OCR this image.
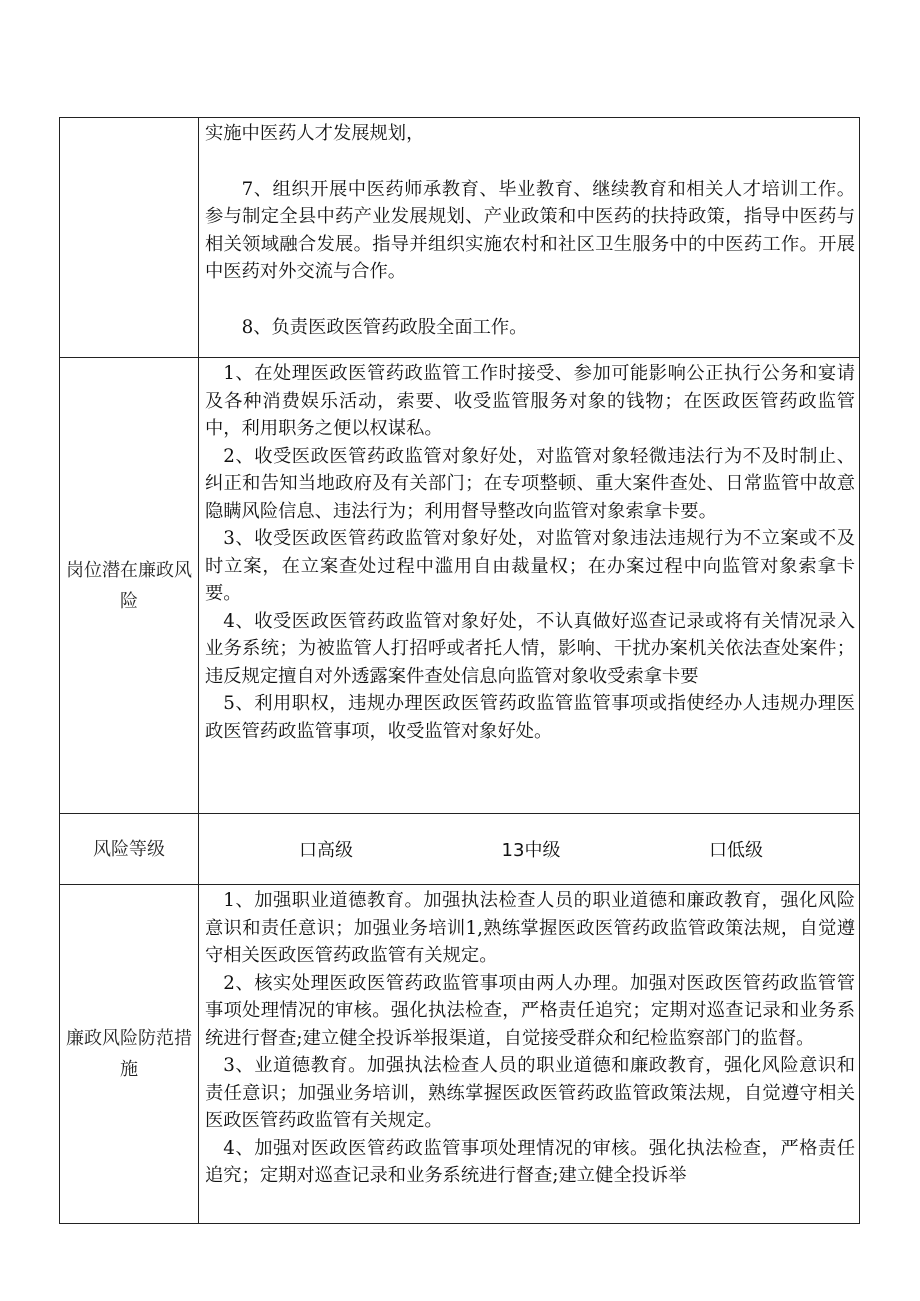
	实施中医药人才发展规划，

7、组织开展中医药师承教育、毕业教育、继续教育和相关人才培训工作。参与制定全县中药产业发展规划、产业政策和中医药的扶持政策，指导中医药与相关领域融合发展。指导并组织实施农村和社区卫生服务中的中医药工作。开展中医药对外交流与合作。

8、负责医政医管药政股全面工作。

岗位潜在廉政风险	1、在处理医政医管药政监管工作时接受、参加可能影响公正执行公务和宴请及各种消费娱乐活动，索要、收受监管服务对象的钱物；在医政医管药政监管中，利用职务之便以权谋私。

2、收受医政医管药政监管对象好处，对监管对象轻微违法行为不及时制止、纠正和告知当地政府及有关部门；在专项整顿、重大案件查处、日常监管中故意隐瞒风险信息、违法行为；利用督导整改向监管对象索拿卡要。

3、收受医政医管药政监管对象好处，对监管对象违法违规行为不立案或不及时立案，在立案查处过程中滥用自由裁量权；在办案过程中向监管对象索拿卡要。

4、收受医政医管药政监管对象好处，不认真做好巡查记录或将有关情况录入业务系统；为被监管人打招呼或者托人情，影响、干扰办案机关依法查处案件；违反规定擅自对外透露案件查处信息向监管对象收受索拿卡要

5、利用职权，违规办理医政医管药政监管监管事项或指使经办人违规办理医政医管药政监管事项，收受监管对象好处。

风险等级	口高级 13中级 口低级

廉政风险防范措施	1、加强职业道德教育。加强执法检查人员的职业道德和廉政教育，强化风险意识和责任意识；加强业务培训1,熟练掌握医政医管药政监管政策法规，自觉遵守相关医政医管药政监管有关规定。

2、核实处理医政医管药政监管事项由两人办理。加强对医政医管药政监管管事项处理情况的审核。强化执法检查，严格责任追究；定期对巡查记录和业务系统进行督查;建立健全投诉举报渠道，自觉接受群众和纪检监察部门的监督。

3、业道德教育。加强执法检查人员的职业道德和廉政教育，强化风险意识和责任意识；加强业务培训，熟练掌握医政医管药政监管政策法规，自觉遵守相关医政医管药政监管有关规定。

4、加强对医政医管药政监管事项处理情况的审核。强化执法检查，严格责任追究；定期对巡查记录和业务系统进行督查;建立健全投诉举
